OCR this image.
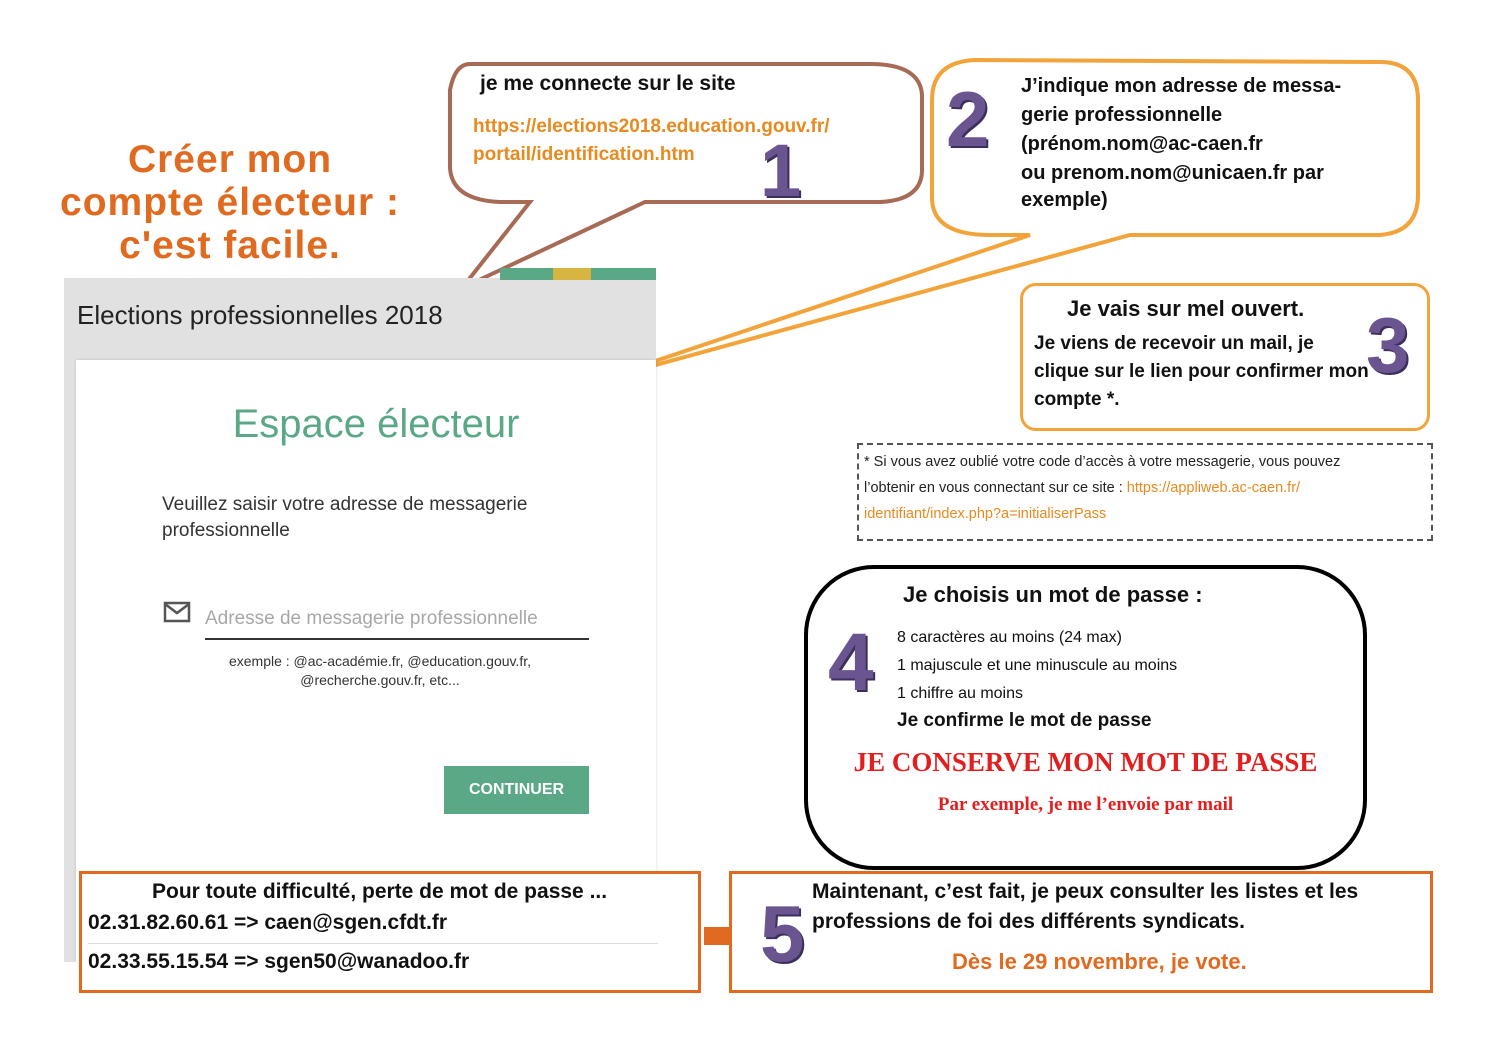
Créer mon
compte électeur :
c'est facile.
Elections professionnelles 2018
Espace électeur
Veuillez saisir votre adresse de messagerie professionnelle
Adresse de messagerie professionnelle
exemple : @ac-académie.fr, @education.gouv.fr,
@recherche.gouv.fr, etc...
CONTINUER
je me connecte sur le site
https://elections2018.education.gouv.fr/
portail/identification.htm 1
2 J’indique mon adresse de messa-
gerie professionnelle
(prénom.nom@ac-caen.fr
ou prenom.nom@unicaen.fr par
exemple)
Je vais sur mel ouvert.
Je viens de recevoir un mail, je clique sur le lien pour confirmer mon compte *.
3
* Si vous avez oublié votre code d’accès à votre messagerie, vous pouvez
l’obtenir en vous connectant sur ce site : https://appliweb.ac-caen.fr/
identifiant/index.php?a=initialiserPass
Je choisis un mot de passe :
4 8 caractères au moins (24 max)
1 majuscule et une minuscule au moins
1 chiffre au moins
Je confirme le mot de passe
JE CONSERVE MON MOT DE PASSE
Par exemple, je me l’envoie par mail
Pour toute difficulté, perte de mot de passe ...
02.31.82.60.61 => caen@sgen.cfdt.fr
02.33.55.15.54 => sgen50@wanadoo.fr	5 Maintenant, c’est fait, je peux consulter les listes et les professions de foi des différents syndicats.
Dès le 29 novembre, je vote.
